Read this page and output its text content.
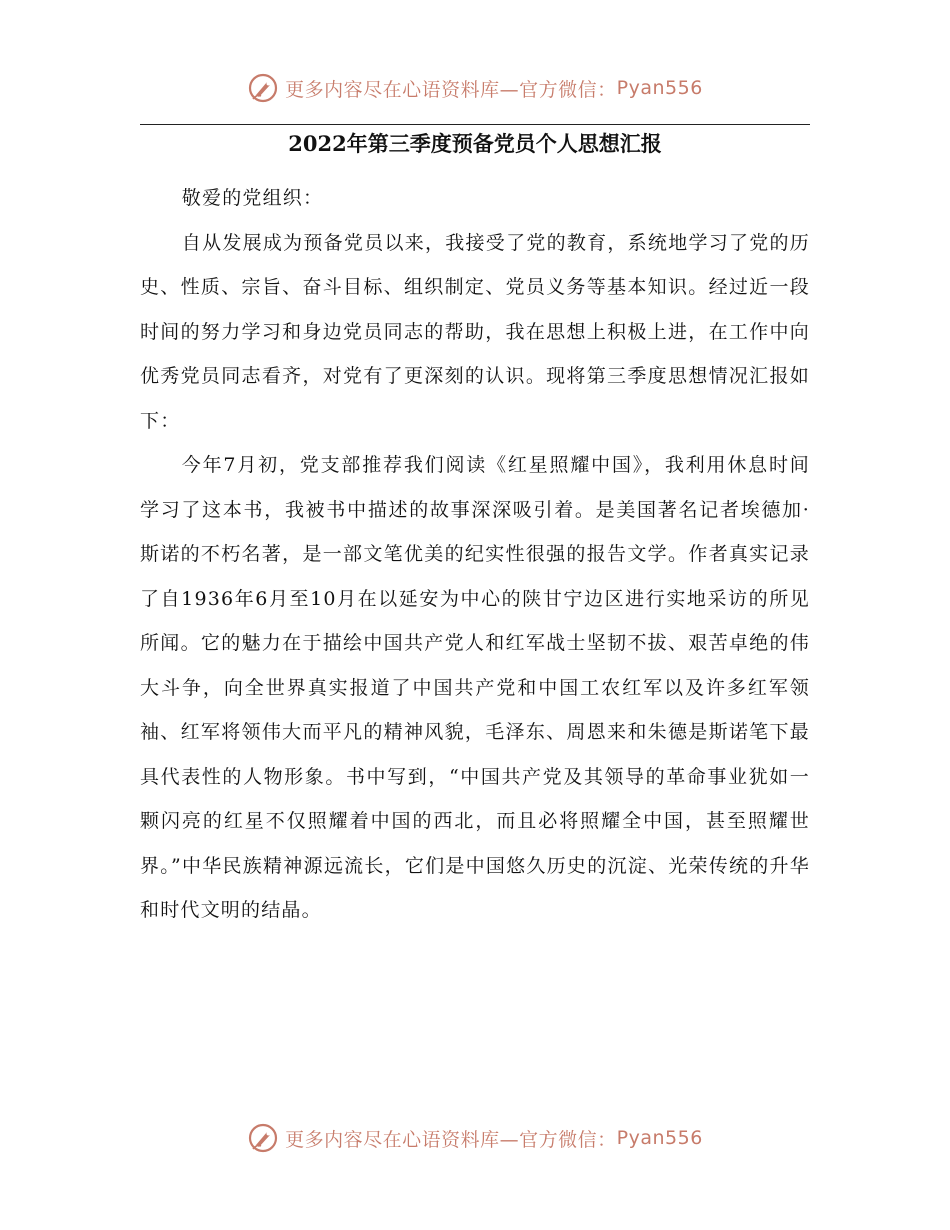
更多内容尽在心语资料库—官方微信： Pyan556
2022年第三季度预备党员个人思想汇报

敬爱的党组织：

自从发展成为预备党员以来，我接受了党的教育，系统地学习了党的历史、性质、宗旨、奋斗目标、组织制定、党员义务等基本知识。经过近一段时间的努力学习和身边党员同志的帮助，我在思想上积极上进，在工作中向优秀党员同志看齐，对党有了更深刻的认识。现将第三季度思想情况汇报如下：

今年7月初，党支部推荐我们阅读《红星照耀中国》，我利用休息时间学习了这本书，我被书中描述的故事深深吸引着。是美国著名记者埃德加·斯诺的不朽名著，是一部文笔优美的纪实性很强的报告文学。作者真实记录了自1936年6月至10月在以延安为中心的陕甘宁边区进行实地采访的所见所闻。它的魅力在于描绘中国共产党人和红军战士坚韧不拔、艰苦卓绝的伟大斗争，向全世界真实报道了中国共产党和中国工农红军以及许多红军领袖、红军将领伟大而平凡的精神风貌，毛泽东、周恩来和朱德是斯诺笔下最具代表性的人物形象。书中写到，“中国共产党及其领导的革命事业犹如一颗闪亮的红星不仅照耀着中国的西北，而且必将照耀全中国，甚至照耀世界。”中华民族精神源远流长，它们是中国悠久历史的沉淀、光荣传统的升华和时代文明的结晶。

更多内容尽在心语资料库—官方微信： Pyan556
